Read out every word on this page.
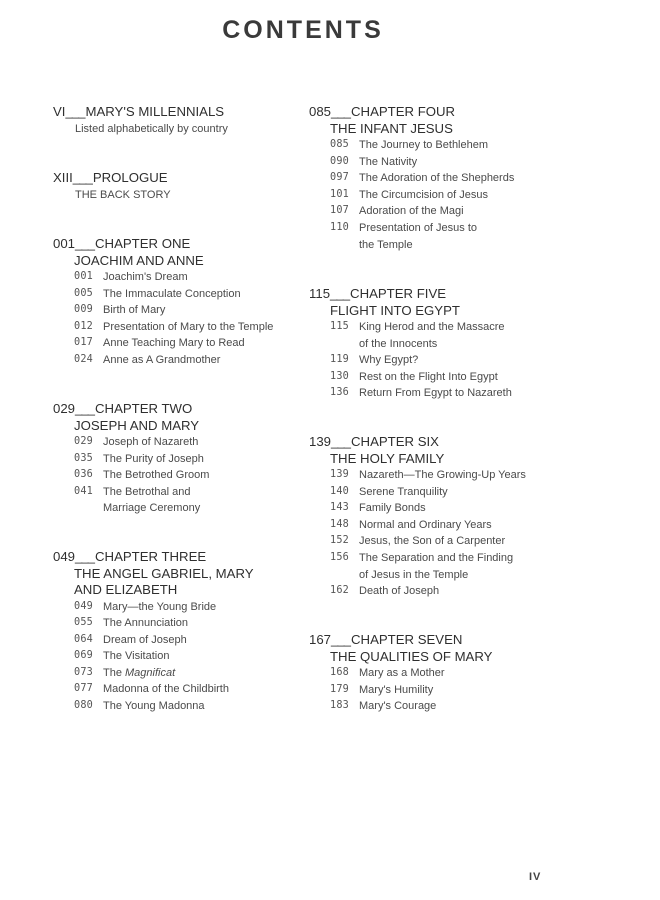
CONTENTS
VI ___ MARY'S MILLENNIALS
Listed alphabetically by country
XIII ___ PROLOGUE
THE BACK STORY
001 ___ CHAPTER ONE
JOACHIM AND ANNE
001 Joachim's Dream
005 The Immaculate Conception
009 Birth of Mary
012 Presentation of Mary to the Temple
017 Anne Teaching Mary to Read
024 Anne as A Grandmother
029 ___ CHAPTER TWO
JOSEPH AND MARY
029 Joseph of Nazareth
035 The Purity of Joseph
036 The Betrothed Groom
041 The Betrothal and
Marriage Ceremony
049 ___ CHAPTER THREE
THE ANGEL GABRIEL, MARY
AND ELIZABETH
049 Mary—the Young Bride
055 The Annunciation
064 Dream of Joseph
069 The Visitation
073 The Magnificat
077 Madonna of the Childbirth
080 The Young Madonna
085 ___ CHAPTER FOUR
THE INFANT JESUS
085 The Journey to Bethlehem
090 The Nativity
097 The Adoration of the Shepherds
101 The Circumcision of Jesus
107 Adoration of the Magi
110 Presentation of Jesus to
the Temple
115 ___ CHAPTER FIVE
FLIGHT INTO EGYPT
115 King Herod and the Massacre
of the Innocents
119 Why Egypt?
130 Rest on the Flight Into Egypt
136 Return From Egypt to Nazareth
139 ___ CHAPTER SIX
THE HOLY FAMILY
139 Nazareth—The Growing-Up Years
140 Serene Tranquility
143 Family Bonds
148 Normal and Ordinary Years
152 Jesus, the Son of a Carpenter
156 The Separation and the Finding
of Jesus in the Temple
162 Death of Joseph
167 ___ CHAPTER SEVEN
THE QUALITIES OF MARY
168 Mary as a Mother
179 Mary's Humility
183 Mary's Courage
IV
